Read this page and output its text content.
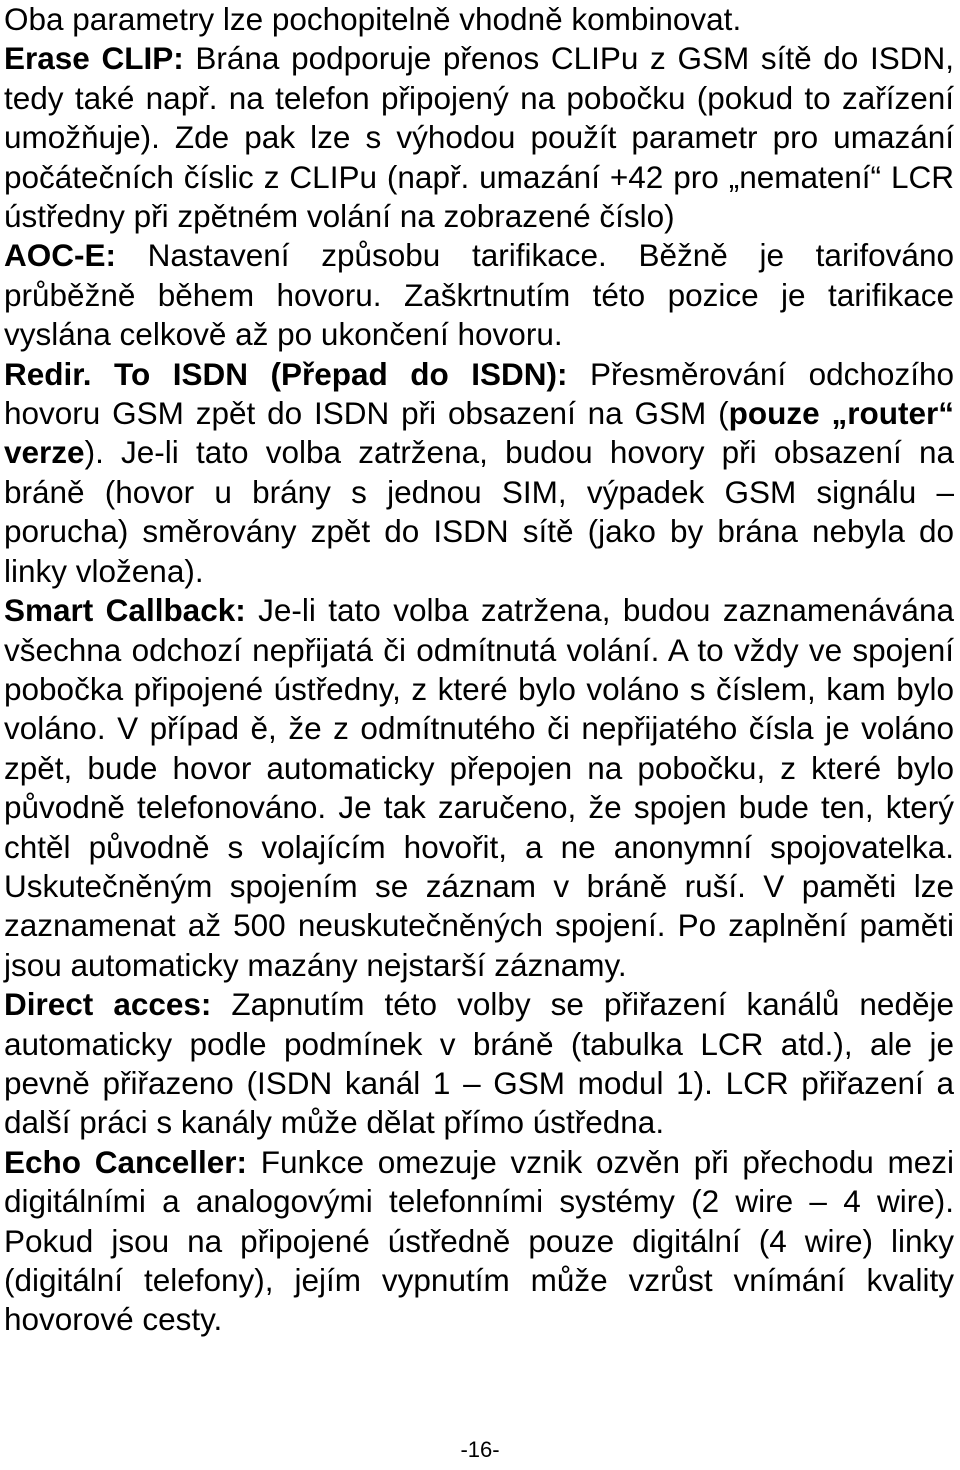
Oba parametry lze pochopitelně vhodně kombinovat.

Erase CLIP: Brána podporuje přenos CLIPu z GSM sítě do ISDN, tedy také např. na telefon připojený na pobočku (pokud to zařízení umožňuje). Zde pak lze s výhodou použít parametr pro umazání počátečních číslic z CLIPu (např. umazání +42 pro „nematení“ LCR ústředny při zpětném volání na zobrazené číslo)

AOC-E: Nastavení způsobu tarifikace. Běžně je tarifováno průběžně během hovoru. Zaškrtnutím této pozice je tarifikace vyslána celkově až po ukončení hovoru.

Redir. To ISDN (Přepad do ISDN): Přesměrování odchozího hovoru GSM zpět do ISDN při obsazení na GSM (pouze „router“ verze). Je-li tato volba zatržena, budou hovory při obsazení na bráně (hovor u brány s jednou SIM, výpadek GSM signálu – porucha) směrovány zpět do ISDN sítě (jako by brána nebyla do linky vložena).

Smart Callback: Je-li tato volba zatržena, budou zaznamenávána všechna odchozí nepřijatá či odmítnutá volání. A to vždy ve spojení pobočka připojené ústředny, z které bylo voláno s číslem, kam bylo voláno. V případ ě, že z odmítnutého či nepřijatého čísla je voláno zpět, bude hovor automaticky přepojen na pobočku, z které bylo původně telefonováno. Je tak zaručeno, že spojen bude ten, který chtěl původně s volajícím hovořit, a ne anonymní spojovatelka. Uskutečněným spojením se záznam v bráně ruší. V paměti lze zaznamenat až 500 neuskutečněných spojení. Po zaplnění paměti jsou automaticky mazány nejstarší záznamy.

Direct acces: Zapnutím této volby se přiřazení kanálů neděje automaticky podle podmínek v bráně (tabulka LCR atd.), ale je pevně přiřazeno (ISDN kanál 1 – GSM modul 1). LCR přiřazení a další práci s kanály může dělat přímo ústředna.

Echo Canceller: Funkce omezuje vznik ozvěn při přechodu mezi digitálními a analogovými telefonními systémy (2 wire – 4 wire). Pokud jsou na připojené ústředně pouze digitální (4 wire) linky (digitální telefony), jejím vypnutím může vzrůst vnímání kvality hovorové cesty.

-16-
